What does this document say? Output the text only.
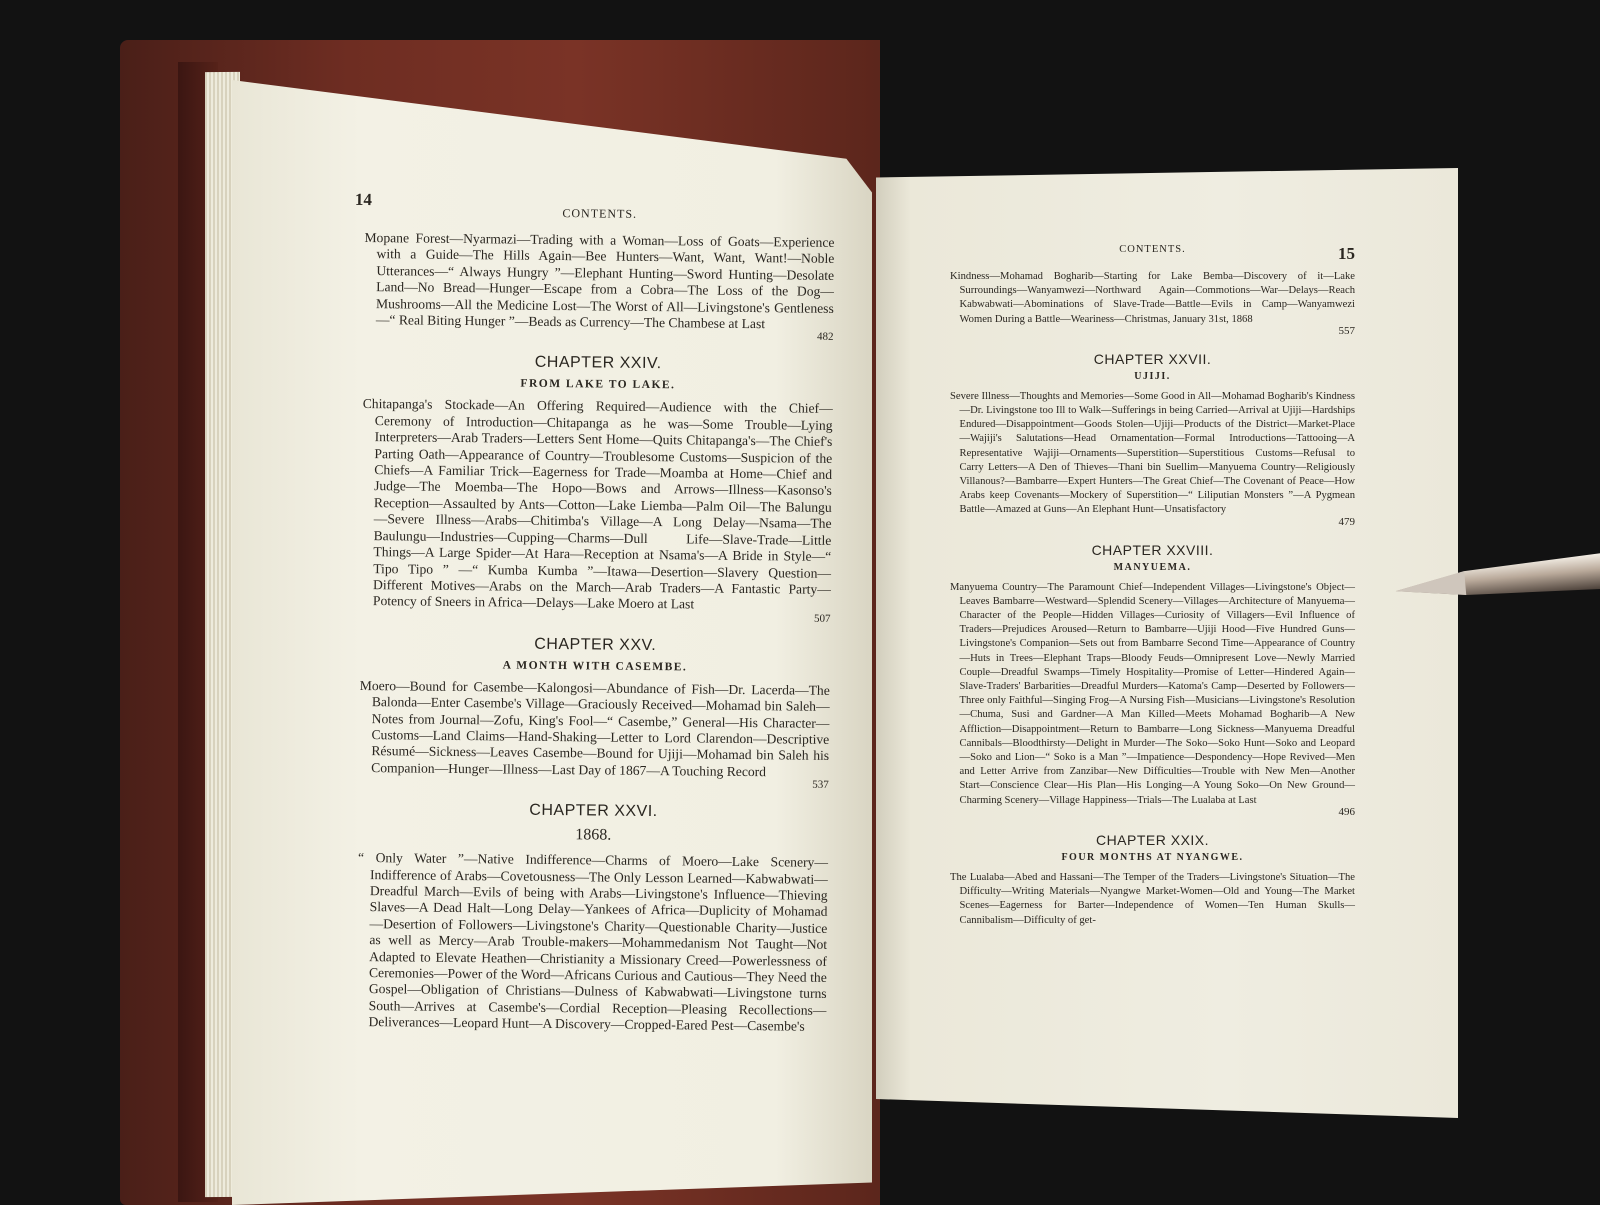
14
CONTENTS.
Mopane Forest—Nyarmazi—Trading with a Woman—Loss of Goats—Experience with a Guide—The Hills Again—Bee Hunters—Want, Want, Want!—Noble Utterances—“ Always Hungry ”—Elephant Hunting—Sword Hunting—Desolate Land—No Bread—Hunger—Escape from a Cobra—The Loss of the Dog—Mushrooms—All the Medicine Lost—The Worst of All—Livingstone's Gentleness—“ Real Biting Hunger ”—Beads as Currency—The Chambese at Last
482
CHAPTER XXIV.
FROM LAKE TO LAKE.
Chitapanga's Stockade—An Offering Required—Audience with the Chief—Ceremony of Introduction—Chitapanga as he was—Some Trouble—Lying Interpreters—Arab Traders—Letters Sent Home—Quits Chitapanga's—The Chief's Parting Oath—Appearance of Country—Troublesome Customs—Suspicion of the Chiefs—A Familiar Trick—Eagerness for Trade—Moamba at Home—Chief and Judge—The Moemba—The Hopo—Bows and Arrows—Illness—Kasonso's Reception—Assaulted by Ants—Cotton—Lake Liemba—Palm Oil—The Balungu—Severe Illness—Arabs—Chitimba's Village—A Long Delay—Nsama—The Baulungu—Industries—Cupping—Charms—Dull Life—Slave-Trade—Little Things—A Large Spider—At Hara—Reception at Nsama's—A Bride in Style—“ Tipo Tipo ” —“ Kumba Kumba ”—Itawa—Desertion—Slavery Question—Different Motives—Arabs on the March—Arab Traders—A Fantastic Party—Potency of Sneers in Africa—Delays—Lake Moero at Last
507
CHAPTER XXV.
A MONTH WITH CASEMBE.
Moero—Bound for Casembe—Kalongosi—Abundance of Fish—Dr. Lacerda—The Balonda—Enter Casembe's Village—Graciously Received—Mohamad bin Saleh—Notes from Journal—Zofu, King's Fool—“ Casembe,” General—His Character—Customs—Land Claims—Hand-Shaking—Letter to Lord Clarendon—Descriptive Résumé—Sickness—Leaves Casembe—Bound for Ujiji—Mohamad bin Saleh his Companion—Hunger—Illness—Last Day of 1867—A Touching Record
537
CHAPTER XXVI.
1868.
“ Only Water ”—Native Indifference—Charms of Moero—Lake Scenery—Indifference of Arabs—Covetousness—The Only Lesson Learned—Kabwabwati—Dreadful March—Evils of being with Arabs—Livingstone's Influence—Thieving Slaves—A Dead Halt—Long Delay—Yankees of Africa—Duplicity of Mohamad—Desertion of Followers—Livingstone's Charity—Questionable Charity—Justice as well as Mercy—Arab Trouble-makers—Mohammedanism Not Taught—Not Adapted to Elevate Heathen—Christianity a Missionary Creed—Powerlessness of Ceremonies—Power of the Word—Africans Curious and Cautious—They Need the Gospel—Obligation of Christians—Dulness of Kabwabwati—Livingstone turns South—Arrives at Casembe's—Cordial Reception—Pleasing Recollections—Deliverances—Leopard Hunt—A Discovery—Cropped-Eared Pest—Casembe's
CONTENTS.	15
Kindness—Mohamad Bogharib—Starting for Lake Bemba—Discovery of it—Lake Surroundings—Wanyamwezi—Northward Again—Commotions—War—Delays—Reach Kabwabwati—Abominations of Slave-Trade—Battle—Evils in Camp—Wanyamwezi Women During a Battle—Weariness—Christmas, January 31st, 1868
557
CHAPTER XXVII.
UJIJI.
Severe Illness—Thoughts and Memories—Some Good in All—Mohamad Bogharib's Kindness—Dr. Livingstone too Ill to Walk—Sufferings in being Carried—Arrival at Ujiji—Hardships Endured—Disappointment—Goods Stolen—Ujiji—Products of the District—Market-Place—Wajiji's Salutations—Head Ornamentation—Formal Introductions—Tattooing—A Representative Wajiji—Ornaments—Superstition—Superstitious Customs—Refusal to Carry Letters—A Den of Thieves—Thani bin Suellim—Manyuema Country—Religiously Villanous?—Bambarre—Expert Hunters—The Great Chief—The Covenant of Peace—How Arabs keep Covenants—Mockery of Superstition—“ Liliputian Monsters ”—A Pygmean Battle—Amazed at Guns—An Elephant Hunt—Unsatisfactory
479
CHAPTER XXVIII.
MANYUEMA.
Manyuema Country—The Paramount Chief—Independent Villages—Livingstone's Object—Leaves Bambarre—Westward—Splendid Scenery—Villages—Architecture of Manyuema—Character of the People—Hidden Villages—Curiosity of Villagers—Evil Influence of Traders—Prejudices Aroused—Return to Bambarre—Ujiji Hood—Five Hundred Guns—Livingstone's Companion—Sets out from Bambarre Second Time—Appearance of Country—Huts in Trees—Elephant Traps—Bloody Feuds—Omnipresent Love—Newly Married Couple—Dreadful Swamps—Timely Hospitality—Promise of Letter—Hindered Again—Slave-Traders' Barbarities—Dreadful Murders—Katoma's Camp—Deserted by Followers—Three only Faithful—Singing Frog—A Nursing Fish—Musicians—Livingstone's Resolution—Chuma, Susi and Gardner—A Man Killed—Meets Mohamad Bogharib—A New Affliction—Disappointment—Return to Bambarre—Long Sickness—Manyuema Dreadful Cannibals—Bloodthirsty—Delight in Murder—The Soko—Soko Hunt—Soko and Leopard—Soko and Lion—“ Soko is a Man ”—Impatience—Despondency—Hope Revived—Men and Letter Arrive from Zanzibar—New Difficulties—Trouble with New Men—Another Start—Conscience Clear—His Plan—His Longing—A Young Soko—On New Ground—Charming Scenery—Village Happiness—Trials—The Lualaba at Last
496
CHAPTER XXIX.
FOUR MONTHS AT NYANGWE.
The Lualaba—Abed and Hassani—The Temper of the Traders—Livingstone's Situation—The Difficulty—Writing Materials—Nyangwe Market-Women—Old and Young—The Market Scenes—Eagerness for Barter—Independence of Women—Ten Human Skulls—Cannibalism—Difficulty of get-
